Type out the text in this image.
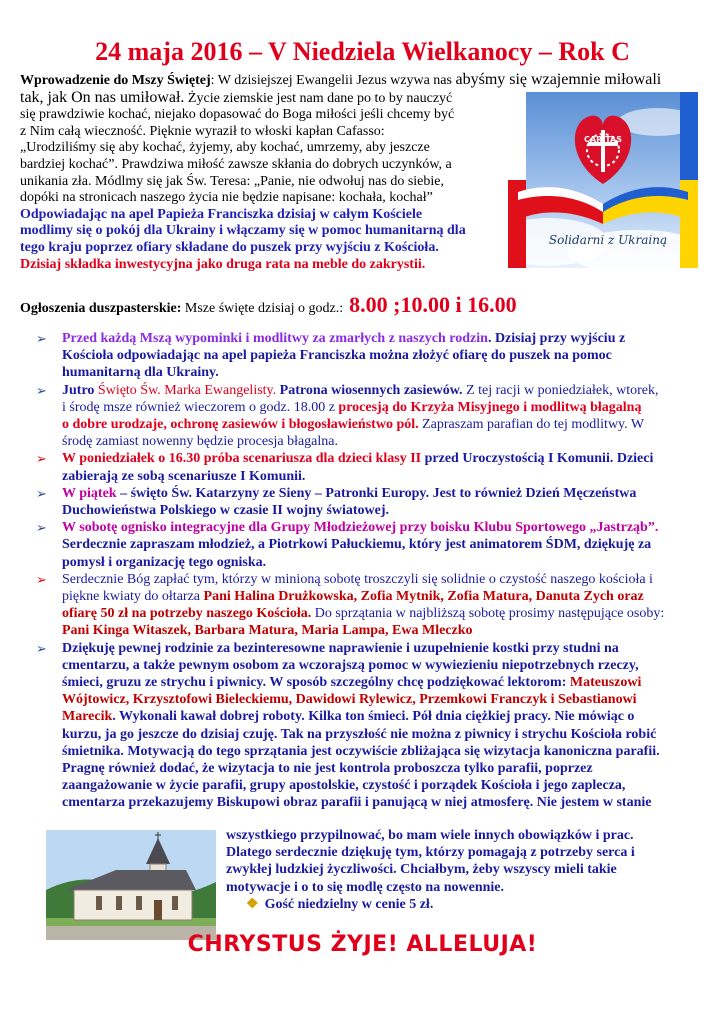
24 maja 2016 – V Niedziela Wielkanocy – Rok C
Wprowadzenie do Mszy Świętej: W dzisiejszej Ewangelii Jezus wzywa nas abyśmy się wzajemnie miłowali
tak, jak On nas umiłował. Życie ziemskie jest nam dane po to by nauczyć
się prawdziwie kochać, niejako dopasować do Boga miłości jeśli chcemy być
z Nim całą wieczność. Pięknie wyraził to włoski kapłan Cafasso:
„Urodziliśmy się aby kochać, żyjemy, aby kochać, umrzemy, aby jeszcze
bardziej kochać”. Prawdziwa miłość zawsze skłania do dobrych uczynków, a
unikania zła. Módlmy się jak Św. Teresa: „Panie, nie odwołuj nas do siebie,
dopóki na stronicach naszego życia nie będzie napisane: kochała, kochał”
Odpowiadając na apel Papieża Franciszka dzisiaj w całym Kościele
modlimy się o pokój dla Ukrainy i włączamy się w pomoc humanitarną dla
tego kraju poprzez ofiary składane do puszek przy wyjściu z Kościoła.
Dzisiaj składka inwestycyjna jako druga rata na meble do zakrystii.
CARITAS
Solidarni z Ukrainą
Ogłoszenia duszpasterskie: Msze święte dzisiaj o godz.: 8.00 ;10.00 i 16.00
➢ Przed każdą Mszą wypominki i modlitwy za zmarłych z naszych rodzin. Dzisiaj przy wyjściu z
Kościoła odpowiadając na apel papieża Franciszka można złożyć ofiarę do puszek na pomoc
humanitarną dla Ukrainy.
➢ Jutro Święto Św. Marka Ewangelisty. Patrona wiosennych zasiewów. Z tej racji w poniedziałek, wtorek,
i środę msze również wieczorem o godz. 18.00 z procesją do Krzyża Misyjnego i modlitwą błagalną
o dobre urodzaje, ochronę zasiewów i błogosławieństwo pól. Zapraszam parafian do tej modlitwy. W
środę zamiast nowenny będzie procesja błagalna.
➢ W poniedziałek o 16.30 próba scenariusza dla dzieci klasy II przed Uroczystością I Komunii. Dzieci
zabierają ze sobą scenariusze I Komunii.
➢ W piątek – święto Św. Katarzyny ze Sieny – Patronki Europy. Jest to również Dzień Męczeństwa
Duchowieństwa Polskiego w czasie II wojny światowej.
➢ W sobotę ognisko integracyjne dla Grupy Młodzieżowej przy boisku Klubu Sportowego „Jastrząb”.
Serdecznie zapraszam młodzież, a Piotrkowi Pałuckiemu, który jest animatorem ŚDM, dziękuję za
pomysł i organizację tego ogniska.
➢ Serdecznie Bóg zapłać tym, którzy w minioną sobotę troszczyli się solidnie o czystość naszego kościoła i
piękne kwiaty do ołtarza Pani Halina Drużkowska, Zofia Mytnik, Zofia Matura, Danuta Zych oraz
ofiarę 50 zł na potrzeby naszego Kościoła. Do sprzątania w najbliższą sobotę prosimy następujące osoby:
Pani Kinga Witaszek, Barbara Matura, Maria Lampa, Ewa Mleczko
➢ Dziękuję pewnej rodzinie za bezinteresowne naprawienie i uzupełnienie kostki przy studni na
cmentarzu, a także pewnym osobom za wczorajszą pomoc w wywiezieniu niepotrzebnych rzeczy,
śmieci, gruzu ze strychu i piwnicy. W sposób szczególny chcę podziękować lektorom: Mateuszowi
Wójtowicz, Krzysztofowi Bieleckiemu, Dawidowi Rylewicz, Przemkowi Franczyk i Sebastianowi
Marecik. Wykonali kawał dobrej roboty. Kilka ton śmieci. Pół dnia ciężkiej pracy. Nie mówiąc o
kurzu, ja go jeszcze do dzisiaj czuję. Tak na przyszłość nie można z piwnicy i strychu Kościoła robić
śmietnika. Motywacją do tego sprzątania jest oczywiście zbliżająca się wizytacja kanoniczna parafii.
Pragnę również dodać, że wizytacja to nie jest kontrola proboszcza tylko parafii, poprzez
zaangażowanie w życie parafii, grupy apostolskie, czystość i porządek Kościoła i jego zaplecza,
cmentarza przekazujemy Biskupowi obraz parafii i panującą w niej atmosferę. Nie jestem w stanie
wszystkiego przypilnować, bo mam wiele innych obowiązków i prac.
Dlatego serdecznie dziękuję tym, którzy pomagają z potrzeby serca i
zwykłej ludzkiej życzliwości. Chciałbym, żeby wszyscy mieli takie
motywacje i o to się modlę często na nowennie.
❖ Gość niedzielny w cenie 5 zł.
CHRYSTUS ŻYJE! ALLELUJA!
